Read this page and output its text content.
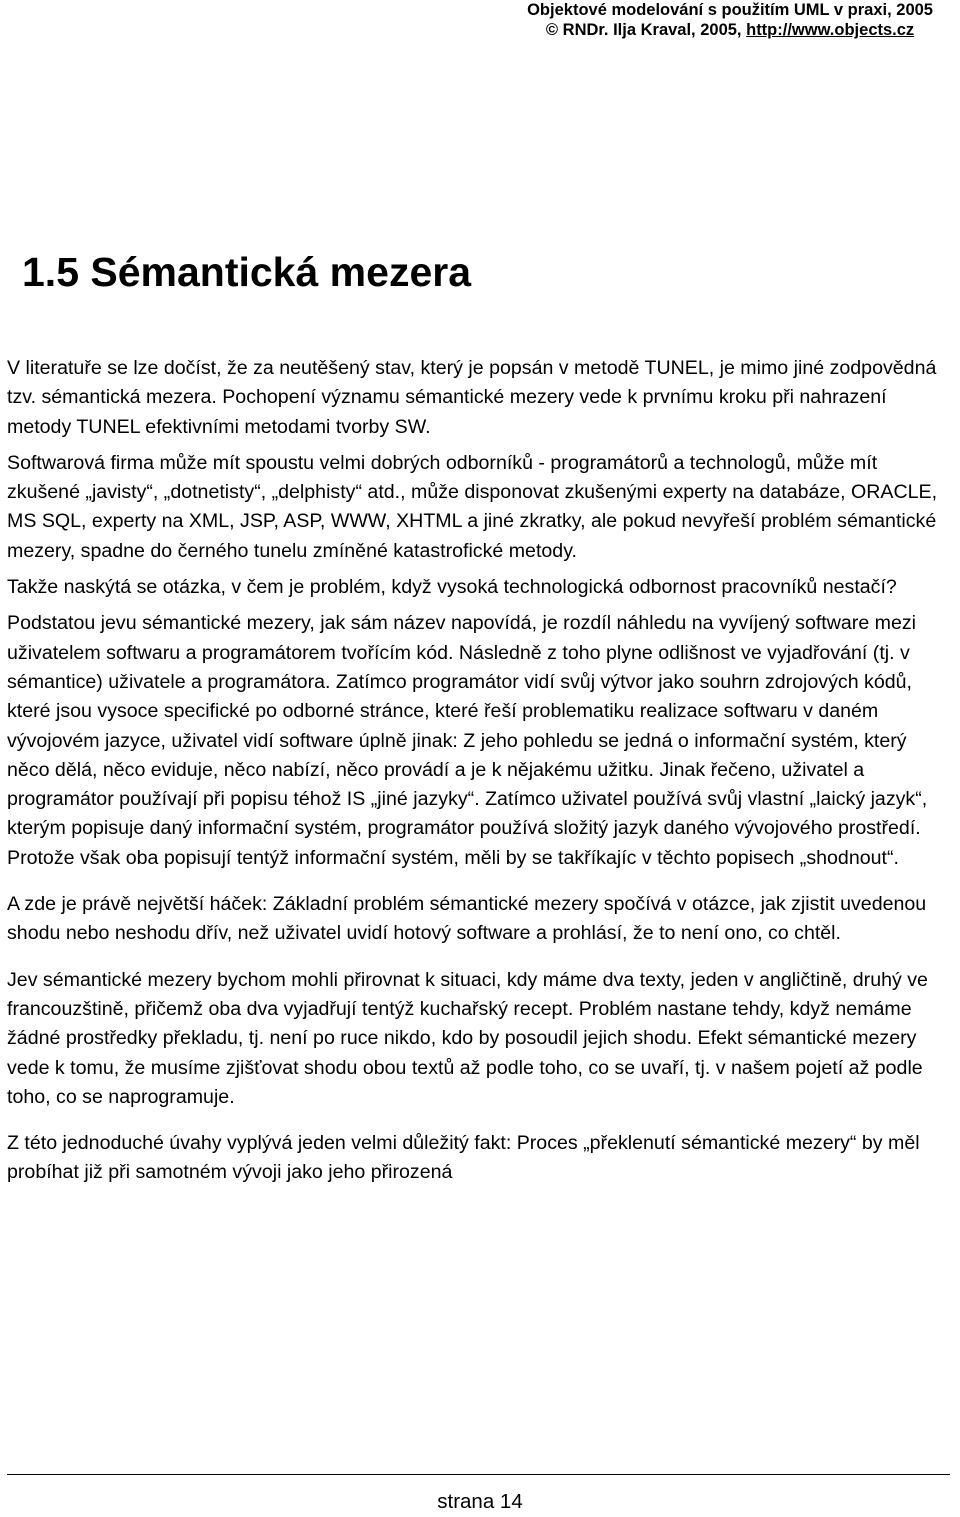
Objektové modelování s použitím UML v praxi, 2005
© RNDr. Ilja Kraval, 2005, http://www.objects.cz
1.5 Sémantická mezera

V literatuře se lze dočíst, že za neutěšený stav, který je popsán v metodě TUNEL, je mimo jiné zodpovědná tzv. sémantická mezera. Pochopení významu sémantické mezery vede k prvnímu kroku při nahrazení metody TUNEL efektivními metodami tvorby SW.

Softwarová firma může mít spoustu velmi dobrých odborníků - programátorů a technologů, může mít zkušené „javisty“, „dotnetisty“, „delphisty“ atd., může disponovat zkušenými experty na databáze, ORACLE, MS SQL, experty na XML, JSP, ASP, WWW, XHTML a jiné zkratky, ale pokud nevyřeší problém sémantické mezery, spadne do černého tunelu zmíněné katastrofické metody.

Takže naskýtá se otázka, v čem je problém, když vysoká technologická odbornost pracovníků nestačí?

Podstatou jevu sémantické mezery, jak sám název napovídá, je rozdíl náhledu na vyvíjený software mezi uživatelem softwaru a programátorem tvořícím kód. Následně z toho plyne odlišnost ve vyjadřování (tj. v sémantice) uživatele a programátora. Zatímco programátor vidí svůj výtvor jako souhrn zdrojových kódů, které jsou vysoce specifické po odborné stránce, které řeší problematiku realizace softwaru v daném vývojovém jazyce, uživatel vidí software úplně jinak: Z jeho pohledu se jedná o informační systém, který něco dělá, něco eviduje, něco nabízí, něco provádí a je k nějakému užitku. Jinak řečeno, uživatel a programátor používají při popisu téhož IS „jiné jazyky“. Zatímco uživatel používá svůj vlastní „laický jazyk“, kterým popisuje daný informační systém, programátor používá složitý jazyk daného vývojového prostředí. Protože však oba popisují tentýž informační systém, měli by se takříkajíc v těchto popisech „shodnout“.

A zde je právě největší háček: Základní problém sémantické mezery spočívá v otázce, jak zjistit uvedenou shodu nebo neshodu dřív, než uživatel uvidí hotový software a prohlásí, že to není ono, co chtěl.

Jev sémantické mezery bychom mohli přirovnat k situaci, kdy máme dva texty, jeden v angličtině, druhý ve francouzštině, přičemž oba dva vyjadřují tentýž kuchařský recept. Problém nastane tehdy, když nemáme žádné prostředky překladu, tj. není po ruce nikdo, kdo by posoudil jejich shodu. Efekt sémantické mezery vede k tomu, že musíme zjišťovat shodu obou textů až podle toho, co se uvaří, tj. v našem pojetí až podle toho, co se naprogramuje.

Z této jednoduché úvahy vyplývá jeden velmi důležitý fakt: Proces „překlenutí sémantické mezery“ by měl probíhat již při samotném vývoji jako jeho přirozená

strana 14
